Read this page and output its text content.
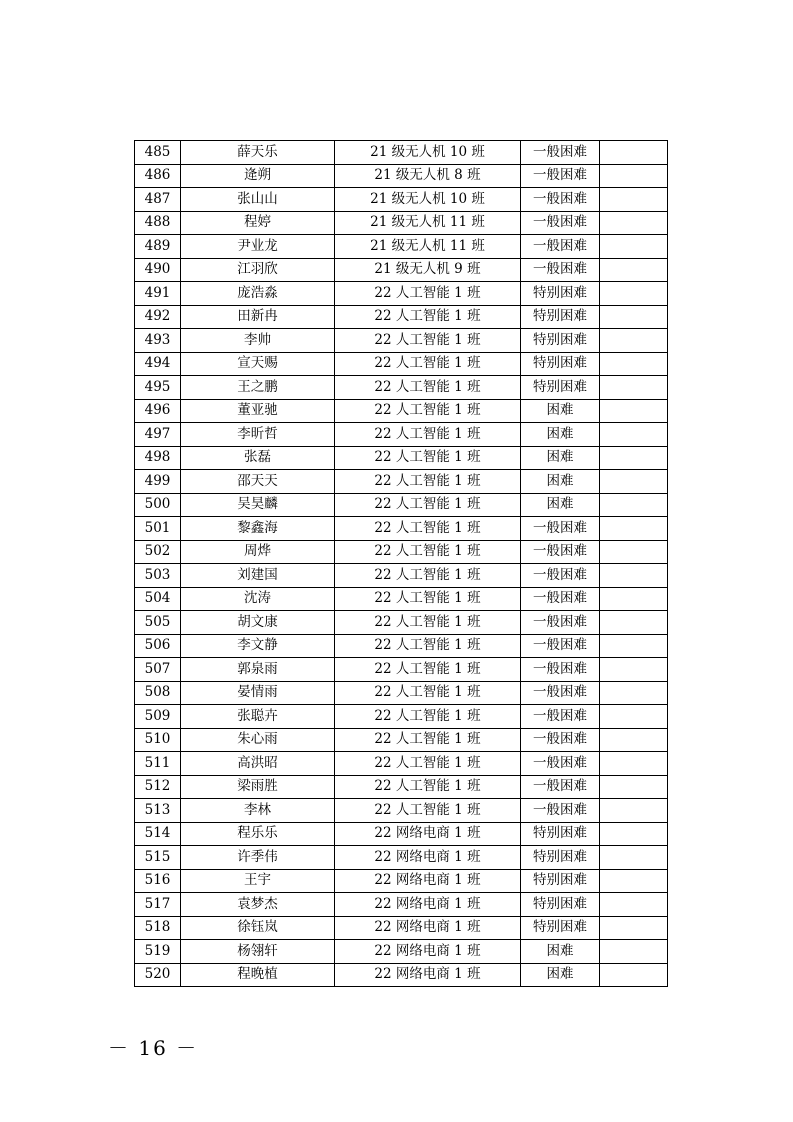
485	薛天乐	21 级无人机 10 班	一般困难	
486	逄朔	21 级无人机 8 班	一般困难	
487	张山山	21 级无人机 10 班	一般困难	
488	程婷	21 级无人机 11 班	一般困难	
489	尹业龙	21 级无人机 11 班	一般困难	
490	江羽欣	21 级无人机 9 班	一般困难	
491	庞浩淼	22 人工智能 1 班	特别困难	
492	田新冉	22 人工智能 1 班	特别困难	
493	李帅	22 人工智能 1 班	特别困难	
494	宣天赐	22 人工智能 1 班	特别困难	
495	王之鹏	22 人工智能 1 班	特别困难	
496	董亚驰	22 人工智能 1 班	困难	
497	李昕哲	22 人工智能 1 班	困难	
498	张磊	22 人工智能 1 班	困难	
499	邵天天	22 人工智能 1 班	困难	
500	吴昊麟	22 人工智能 1 班	困难	
501	黎鑫海	22 人工智能 1 班	一般困难	
502	周烨	22 人工智能 1 班	一般困难	
503	刘建国	22 人工智能 1 班	一般困难	
504	沈涛	22 人工智能 1 班	一般困难	
505	胡文康	22 人工智能 1 班	一般困难	
506	李文静	22 人工智能 1 班	一般困难	
507	郭泉雨	22 人工智能 1 班	一般困难	
508	晏情雨	22 人工智能 1 班	一般困难	
509	张聪卉	22 人工智能 1 班	一般困难	
510	朱心雨	22 人工智能 1 班	一般困难	
511	高洪昭	22 人工智能 1 班	一般困难	
512	梁雨胜	22 人工智能 1 班	一般困难	
513	李林	22 人工智能 1 班	一般困难	
514	程乐乐	22 网络电商 1 班	特别困难	
515	许季伟	22 网络电商 1 班	特别困难	
516	王宇	22 网络电商 1 班	特别困难	
517	袁梦杰	22 网络电商 1 班	特别困难	
518	徐钰岚	22 网络电商 1 班	特别困难	
519	杨翎轩	22 网络电商 1 班	困难	
520	程晚植	22 网络电商 1 班	困难	
－ 16 －
